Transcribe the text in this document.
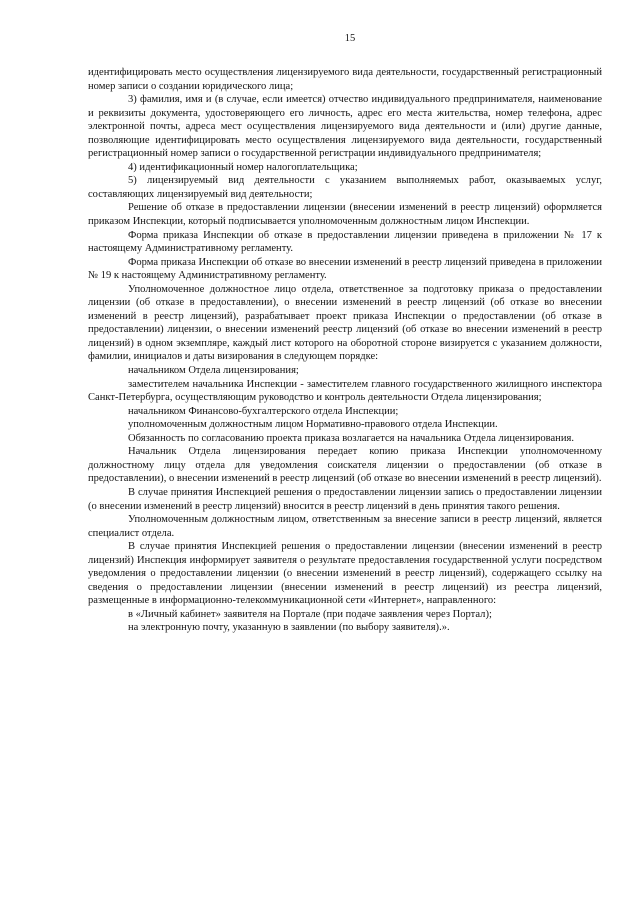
15

идентифицировать место осуществления лицензируемого вида деятельности, государственный регистрационный номер записи о создании юридического лица;

3) фамилия, имя и (в случае, если имеется) отчество индивидуального предпринимателя, наименование и реквизиты документа, удостоверяющего его личность, адрес его места жительства, номер телефона, адрес электронной почты, адреса мест осуществления лицензируемого вида деятельности и (или) другие данные, позволяющие идентифицировать место осуществления лицензируемого вида деятельности, государственный регистрационный номер записи о государственной регистрации индивидуального предпринимателя;

4) идентификационный номер налогоплательщика;

5) лицензируемый вид деятельности с указанием выполняемых работ, оказываемых услуг, составляющих лицензируемый вид деятельности;

Решение об отказе в предоставлении лицензии (внесении изменений в реестр лицензий) оформляется приказом Инспекции, который подписывается уполномоченным должностным лицом Инспекции.

Форма приказа Инспекции об отказе в предоставлении лицензии приведена в приложении № 17 к настоящему Административному регламенту.

Форма приказа Инспекции об отказе во внесении изменений в реестр лицензий приведена в приложении № 19 к настоящему Административному регламенту.

Уполномоченное должностное лицо отдела, ответственное за подготовку приказа о предоставлении лицензии (об отказе в предоставлении), о внесении изменений в реестр лицензий (об отказе во внесении изменений в реестр лицензий), разрабатывает проект приказа Инспекции о предоставлении (об отказе в предоставлении) лицензии, о внесении изменений реестр лицензий (об отказе во внесении изменений в реестр лицензий) в одном экземпляре, каждый лист которого на оборотной стороне визируется с указанием должности, фамилии, инициалов и даты визирования в следующем порядке:

начальником Отдела лицензирования;

заместителем начальника Инспекции - заместителем главного государственного жилищного инспектора Санкт-Петербурга, осуществляющим руководство и контроль деятельности Отдела лицензирования;

начальником Финансово-бухгалтерского отдела Инспекции;

уполномоченным должностным лицом Нормативно-правового отдела Инспекции.

Обязанность по согласованию проекта приказа возлагается на начальника Отдела лицензирования.

Начальник Отдела лицензирования передает копию приказа Инспекции уполномоченному должностному лицу отдела для уведомления соискателя лицензии о предоставлении (об отказе в предоставлении), о внесении изменений в реестр лицензий (об отказе во внесении изменений в реестр лицензий).

В случае принятия Инспекцией решения о предоставлении лицензии запись о предоставлении лицензии (о внесении изменений в реестр лицензий) вносится в реестр лицензий в день принятия такого решения.

Уполномоченным должностным лицом, ответственным за внесение записи в реестр лицензий, является специалист отдела.

В случае принятия Инспекцией решения о предоставлении лицензии (внесении изменений в реестр лицензий) Инспекция информирует заявителя о результате предоставления государственной услуги посредством уведомления о предоставлении лицензии (о внесении изменений в реестр лицензий), содержащего ссылку на сведения о предоставлении лицензии (внесении изменений в реестр лицензий) из реестра лицензий, размещенные в информационно-телекоммуникационной сети «Интернет», направленного:

в «Личный кабинет» заявителя на Портале (при подаче заявления через Портал);

на электронную почту, указанную в заявлении (по выбору заявителя).».
